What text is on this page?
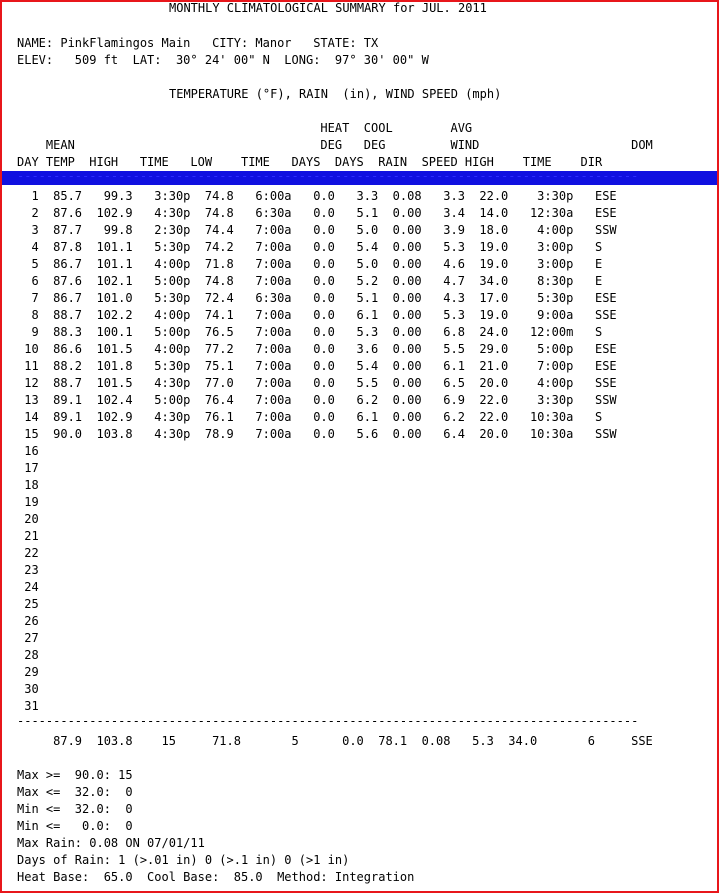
MONTHLY CLIMATOLOGICAL SUMMARY for JUL. 2011
NAME: PinkFlamingos Main   CITY: Manor   STATE: TX
ELEV:   509 ft  LAT:  30° 24' 00" N  LONG:  97° 30' 00" W
TEMPERATURE (°F), RAIN  (in), WIND SPEED (mph)
HEAT  COOL        AVG
MEAN                                  DEG   DEG         WIND                     DOM
DAY TEMP  HIGH   TIME   LOW    TIME   DAYS  DAYS  RAIN  SPEED HIGH    TIME    DIR
--------------------------------------------------------------------------------------
1  85.7   99.3   3:30p  74.8   6:00a   0.0   3.3  0.08   3.3  22.0    3:30p   ESE
2  87.6  102.9   4:30p  74.8   6:30a   0.0   5.1  0.00   3.4  14.0   12:30a   ESE
3  87.7   99.8   2:30p  74.4   7:00a   0.0   5.0  0.00   3.9  18.0    4:00p   SSW
4  87.8  101.1   5:30p  74.2   7:00a   0.0   5.4  0.00   5.3  19.0    3:00p   S
5  86.7  101.1   4:00p  71.8   7:00a   0.0   5.0  0.00   4.6  19.0    3:00p   E
6  87.6  102.1   5:00p  74.8   7:00a   0.0   5.2  0.00   4.7  34.0    8:30p   E
7  86.7  101.0   5:30p  72.4   6:30a   0.0   5.1  0.00   4.3  17.0    5:30p   ESE
8  88.7  102.2   4:00p  74.1   7:00a   0.0   6.1  0.00   5.3  19.0    9:00a   SSE
9  88.3  100.1   5:00p  76.5   7:00a   0.0   5.3  0.00   6.8  24.0   12:00m   S
10  86.6  101.5   4:00p  77.2   7:00a   0.0   3.6  0.00   5.5  29.0    5:00p   ESE
11  88.2  101.8   5:30p  75.1   7:00a   0.0   5.4  0.00   6.1  21.0    7:00p   ESE
12  88.7  101.5   4:30p  77.0   7:00a   0.0   5.5  0.00   6.5  20.0    4:00p   SSE
13  89.1  102.4   5:00p  76.4   7:00a   0.0   6.2  0.00   6.9  22.0    3:30p   SSW
14  89.1  102.9   4:30p  76.1   7:00a   0.0   6.1  0.00   6.2  22.0   10:30a   S
15  90.0  103.8   4:30p  78.9   7:00a   0.0   5.6  0.00   6.4  20.0   10:30a   SSW
16
17
18
19
20
21
22
23
24
25
26
27
28
29
30
31
--------------------------------------------------------------------------------------
87.9  103.8    15     71.8       5      0.0  78.1  0.08   5.3  34.0       6     SSE
Max >=  90.0: 15
Max <=  32.0:  0
Min <=  32.0:  0
Min <=   0.0:  0
Max Rain: 0.08 ON 07/01/11
Days of Rain: 1 (>.01 in) 0 (>.1 in) 0 (>1 in)
Heat Base:  65.0  Cool Base:  85.0  Method: Integration
